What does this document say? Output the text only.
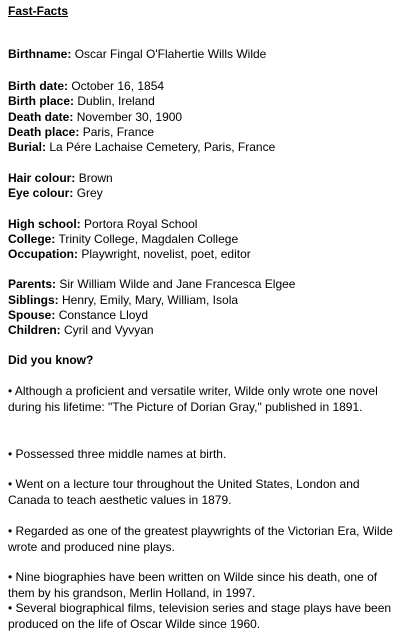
Fast-Facts
Birthname: Oscar Fingal O'Flahertie Wills Wilde
Birth date: October 16, 1854
Birth place: Dublin, Ireland
Death date: November 30, 1900
Death place: Paris, France
Burial: La Pére Lachaise Cemetery, Paris, France
Hair colour: Brown
Eye colour: Grey
High school: Portora Royal School
College: Trinity College, Magdalen College
Occupation: Playwright, novelist, poet, editor
Parents: Sir William Wilde and Jane Francesca Elgee
Siblings: Henry, Emily, Mary, William, Isola
Spouse: Constance Lloyd
Children: Cyril and Vyvyan
Did you know?
• Although a proficient and versatile writer, Wilde only wrote one novel during his lifetime: "The Picture of Dorian Gray," published in 1891.
• Possessed three middle names at birth.
• Went on a lecture tour throughout the United States, London and Canada to teach aesthetic values in 1879.
• Regarded as one of the greatest playwrights of the Victorian Era, Wilde wrote and produced nine plays.
• Nine biographies have been written on Wilde since his death, one of them by his grandson, Merlin Holland, in 1997.
• Several biographical films, television series and stage plays have been produced on the life of Oscar Wilde since 1960.
